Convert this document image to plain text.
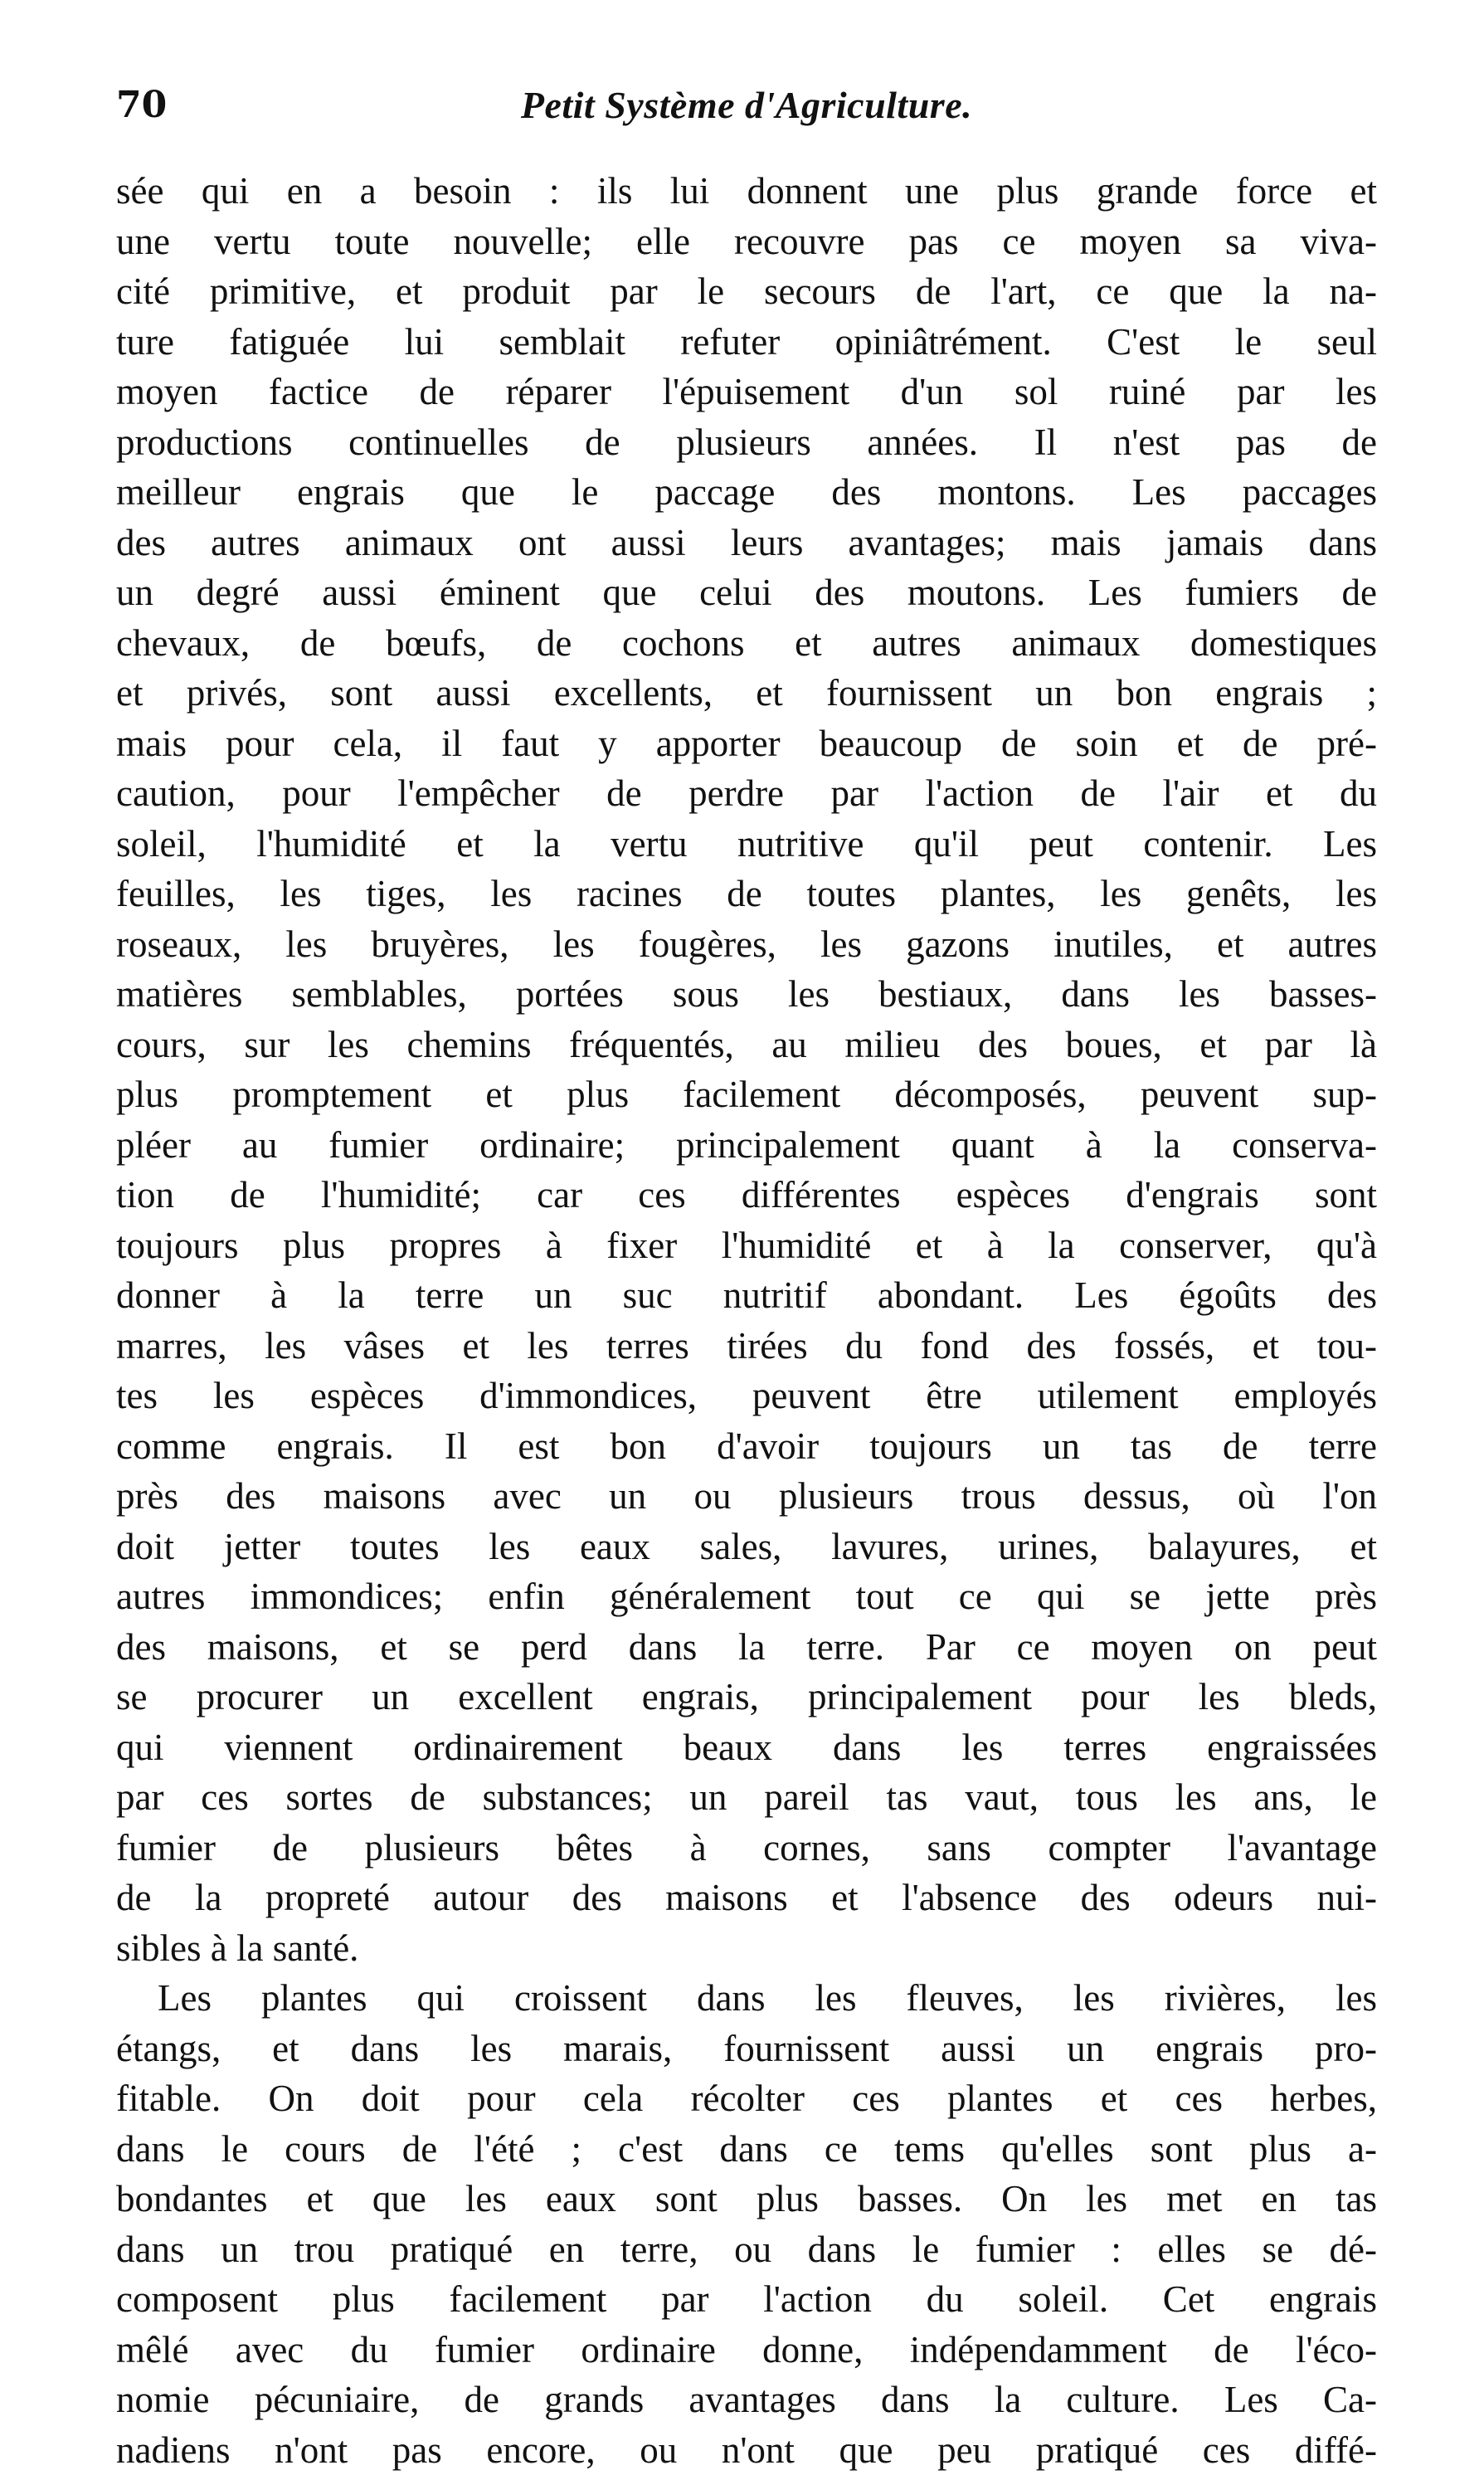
70	Petit Système d'Agriculture.
sée qui en a besoin : ils lui donnent une plus grande force et
une vertu toute nouvelle; elle recouvre pas ce moyen sa viva-
cité primitive, et produit par le secours de l'art, ce que la na-
ture fatiguée lui semblait refuter opiniâtrément. C'est le seul
moyen factice de réparer l'épuisement d'un sol ruiné par les
productions continuelles de plusieurs années. Il n'est pas de
meilleur engrais que le paccage des montons. Les paccages
des autres animaux ont aussi leurs avantages; mais jamais dans
un degré aussi éminent que celui des moutons. Les fumiers de
chevaux, de bœufs, de cochons et autres animaux domestiques
et privés, sont aussi excellents, et fournissent un bon engrais ;
mais pour cela, il faut y apporter beaucoup de soin et de pré-
caution, pour l'empêcher de perdre par l'action de l'air et du
soleil, l'humidité et la vertu nutritive qu'il peut contenir. Les
feuilles, les tiges, les racines de toutes plantes, les genêts, les
roseaux, les bruyères, les fougères, les gazons inutiles, et autres
matières semblables, portées sous les bestiaux, dans les basses-
cours, sur les chemins fréquentés, au milieu des boues, et par là
plus promptement et plus facilement décomposés, peuvent sup-
pléer au fumier ordinaire; principalement quant à la conserva-
tion de l'humidité; car ces différentes espèces d'engrais sont
toujours plus propres à fixer l'humidité et à la conserver, qu'à
donner à la terre un suc nutritif abondant. Les égoûts des
marres, les vâses et les terres tirées du fond des fossés, et tou-
tes les espèces d'immondices, peuvent être utilement employés
comme engrais. Il est bon d'avoir toujours un tas de terre
près des maisons avec un ou plusieurs trous dessus, où l'on
doit jetter toutes les eaux sales, lavures, urines, balayures, et
autres immondices; enfin généralement tout ce qui se jette près
des maisons, et se perd dans la terre. Par ce moyen on peut
se procurer un excellent engrais, principalement pour les bleds,
qui viennent ordinairement beaux dans les terres engraissées
par ces sortes de substances; un pareil tas vaut, tous les ans, le
fumier de plusieurs bêtes à cornes, sans compter l'avantage
de la propreté autour des maisons et l'absence des odeurs nui-
sibles à la santé.
Les plantes qui croissent dans les fleuves, les rivières, les
étangs, et dans les marais, fournissent aussi un engrais pro-
fitable. On doit pour cela récolter ces plantes et ces herbes,
dans le cours de l'été ; c'est dans ce tems qu'elles sont plus a-
bondantes et que les eaux sont plus basses. On les met en tas
dans un trou pratiqué en terre, ou dans le fumier : elles se dé-
composent plus facilement par l'action du soleil. Cet engrais
mêlé avec du fumier ordinaire donne, indépendamment de l'éco-
nomie pécuniaire, de grands avantages dans la culture. Les Ca-
nadiens n'ont pas encore, ou n'ont que peu pratiqué ces diffé-
